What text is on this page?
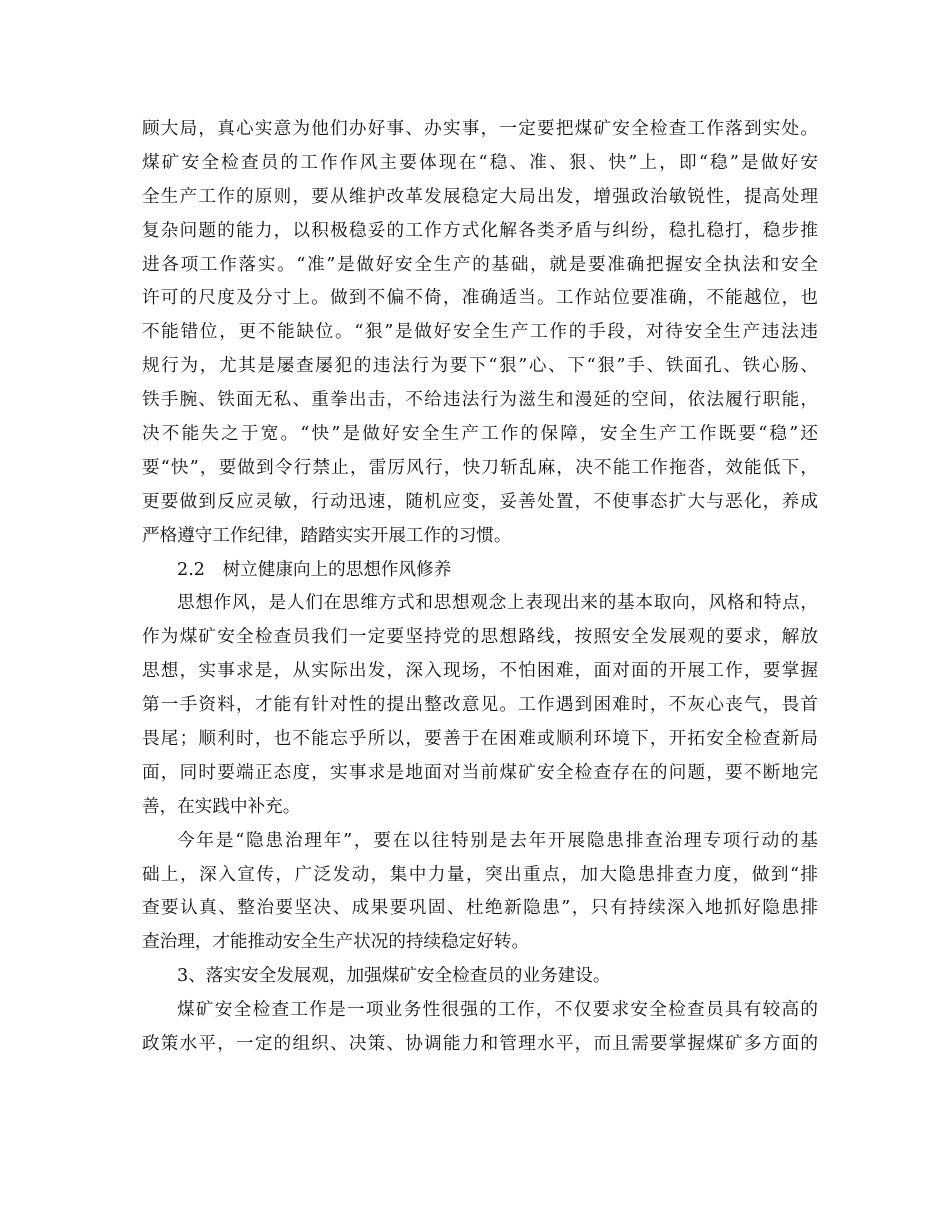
顾大局，真心实意为他们办好事、办实事，一定要把煤矿安全检查工作落到实处。
煤矿安全检查员的工作作风主要体现在“稳、准、狠、快”上，即“稳”是做好安
全生产工作的原则，要从维护改革发展稳定大局出发，增强政治敏锐性，提高处理
复杂问题的能力，以积极稳妥的工作方式化解各类矛盾与纠纷，稳扎稳打，稳步推
进各项工作落实。“准”是做好安全生产的基础，就是要准确把握安全执法和安全
许可的尺度及分寸上。做到不偏不倚，准确适当。工作站位要准确，不能越位，也
不能错位，更不能缺位。“狠”是做好安全生产工作的手段，对待安全生产违法违
规行为，尤其是屡查屡犯的违法行为要下“狠”心、下“狠”手、铁面孔、铁心肠、
铁手腕、铁面无私、重拳出击，不给违法行为滋生和漫延的空间，依法履行职能，
决不能失之于宽。“快”是做好安全生产工作的保障，安全生产工作既要“稳”还
要“快”，要做到令行禁止，雷厉风行，快刀斩乱麻，决不能工作拖沓，效能低下，
更要做到反应灵敏，行动迅速，随机应变，妥善处置，不使事态扩大与恶化，养成
严格遵守工作纪律，踏踏实实开展工作的习惯。
2.2　树立健康向上的思想作风修养
思想作风，是人们在思维方式和思想观念上表现出来的基本取向，风格和特点，
作为煤矿安全检查员我们一定要坚持党的思想路线，按照安全发展观的要求，解放
思想，实事求是，从实际出发，深入现场，不怕困难，面对面的开展工作，要掌握
第一手资料，才能有针对性的提出整改意见。工作遇到困难时，不灰心丧气，畏首
畏尾；顺利时，也不能忘乎所以，要善于在困难或顺利环境下，开拓安全检查新局
面，同时要端正态度，实事求是地面对当前煤矿安全检查存在的问题，要不断地完
善，在实践中补充。
今年是“隐患治理年”，要在以往特别是去年开展隐患排查治理专项行动的基
础上，深入宣传，广泛发动，集中力量，突出重点，加大隐患排查力度，做到“排
查要认真、整治要坚决、成果要巩固、杜绝新隐患”，只有持续深入地抓好隐患排
查治理，才能推动安全生产状况的持续稳定好转。
3、落实安全发展观，加强煤矿安全检查员的业务建设。
煤矿安全检查工作是一项业务性很强的工作，不仅要求安全检查员具有较高的
政策水平，一定的组织、决策、协调能力和管理水平，而且需要掌握煤矿多方面的
